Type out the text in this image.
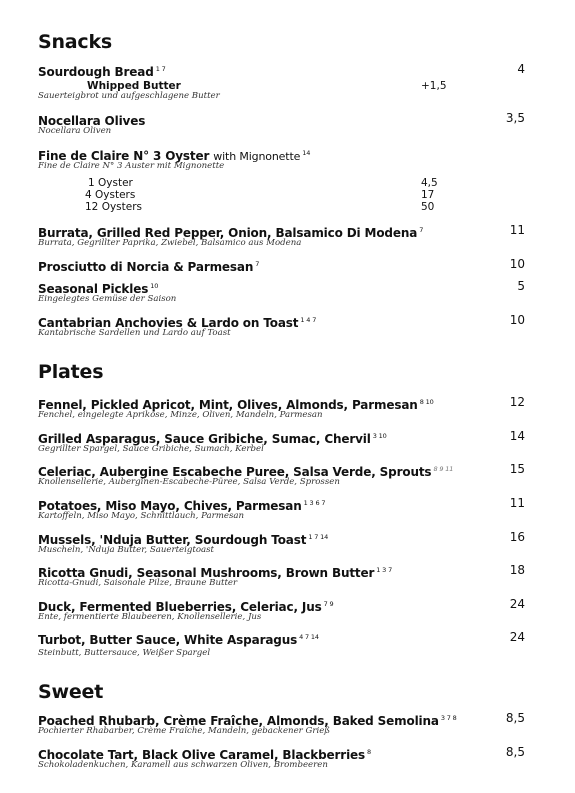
Snacks
Sourdough Bread $^{1 7}$	4
Whipped Butter	+1,5
Sauerteigbrot und aufgeschlagene Butter
Nocellara Olives	3,5
Nocellara Oliven
Fine de Claire N° 3 Oyster with Mignonette $^{14}$
Fine de Claire N° 3 Auster mit Mignonette
1 Oyster	4,5
4 Oysters	17
12 Oysters	50
Burrata, Grilled Red Pepper, Onion, Balsamico Di Modena $^7$	11
Burrata, Gegrillter Paprika, Zwiebel, Balsamico aus Modena
Prosciutto di Norcia & Parmesan $^7$	10
Seasonal Pickles $^{10}$	5
Eingelegtes Gemüse der Saison
Cantabrian Anchovies & Lardo on Toast $^{1 4 7}$	10
Kantabrische Sardellen und Lardo auf Toast
Plates
Fennel, Pickled Apricot, Mint, Olives, Almonds, Parmesan $^{8 10}$	12
Fenchel, eingelegte Aprikose, Minze, Oliven, Mandeln, Parmesan
Grilled Asparagus, Sauce Gribiche, Sumac, Chervil $^{3 10}$	14
Gegrillter Spargel, Sauce Gribiche, Sumach, Kerbel
Celeriac, Aubergine Escabeche Puree, Salsa Verde, Sprouts $^{8 9 11}$	15
Knollensellerie, Auberginen-Escabeche-Püree, Salsa Verde, Sprossen
Potatoes, Miso Mayo, Chives, Parmesan $^{1 3 6 7}$	11
Kartoffeln, Miso Mayo, Schnittlauch, Parmesan
Mussels, 'Nduja Butter, Sourdough Toast $^{1 7 14}$	16
Muscheln, 'Nduja Butter, Sauerteigtoast
Ricotta Gnudi, Seasonal Mushrooms, Brown Butter $^{1 3 7}$	18
Ricotta-Gnudi, Saisonale Pilze, Braune Butter
Duck, Fermented Blueberries, Celeriac, Jus $^{7 9}$	24
Ente, fermentierte Blaubeeren, Knollensellerie, Jus
Turbot, Butter Sauce, White Asparagus $^{4 7 14}$	24
Steinbutt, Buttersauce, Weißer Spargel
Sweet
Poached Rhubarb, Crème Fraîche, Almonds, Baked Semolina $^{3 7 8}$	8,5
Pochierter Rhabarber, Crème Fraîche, Mandeln, gebackener Grieß
Chocolate Tart, Black Olive Caramel, Blackberries $^8$	8,5
Schokoladenkuchen, Karamell aus schwarzen Oliven, Brombeeren
